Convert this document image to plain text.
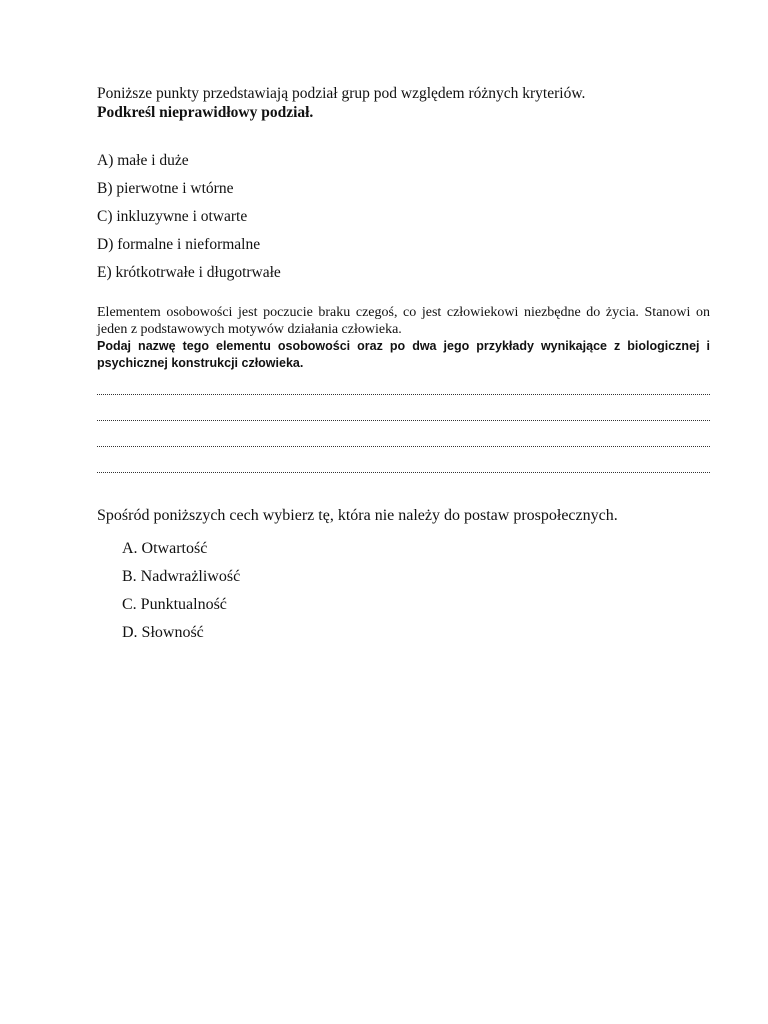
Poniższe punkty przedstawiają podział grup pod względem różnych kryteriów.

Podkreśl nieprawidłowy podział.

A) małe i duże
B) pierwotne i wtórne
C) inkluzywne i otwarte
D) formalne i nieformalne
E) krótkotrwałe i długotrwałe

Elementem osobowości jest poczucie braku czegoś, co jest człowiekowi niezbędne do życia. Stanowi on jeden z podstawowych motywów działania człowieka.

Podaj nazwę tego elementu osobowości oraz po dwa jego przykłady wynikające z biologicznej i psychicznej konstrukcji człowieka.

Spośród poniższych cech wybierz tę, która nie należy do postaw prospołecznych.

A. Otwartość
B. Nadwrażliwość
C. Punktualność
D. Słowność
